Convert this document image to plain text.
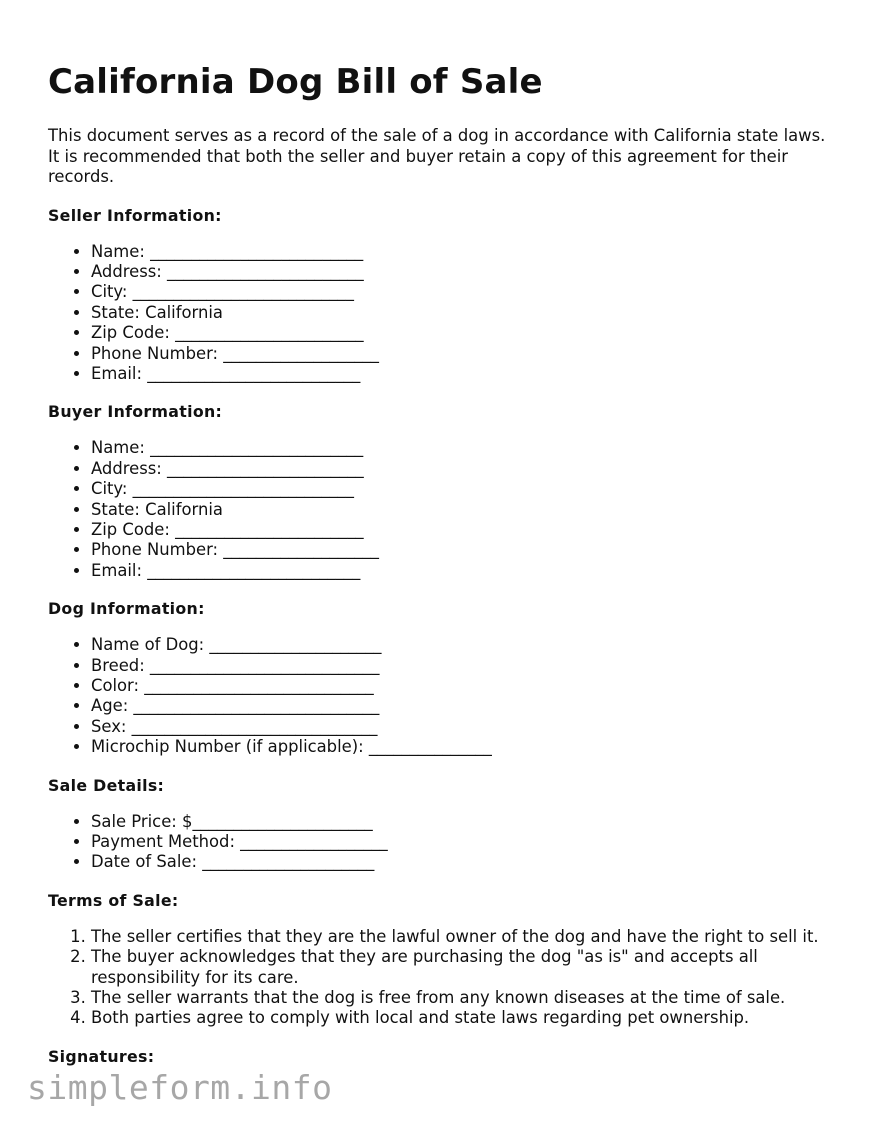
California Dog Bill of Sale

This document serves as a record of the sale of a dog in accordance with California state laws. It is recommended that both the seller and buyer retain a copy of this agreement for their records.

Seller Information:
• Name: __________________________
• Address: ________________________
• City: ___________________________
• State: California
• Zip Code: _______________________
• Phone Number: ___________________
• Email: __________________________
Buyer Information:
• Name: __________________________
• Address: ________________________
• City: ___________________________
• State: California
• Zip Code: _______________________
• Phone Number: ___________________
• Email: __________________________
Dog Information:
• Name of Dog: _____________________
• Breed: ____________________________
• Color: ____________________________
• Age: ______________________________
• Sex: ______________________________
• Microchip Number (if applicable): _______________
Sale Details:
• Sale Price: $______________________
• Payment Method: __________________
• Date of Sale: _____________________
Terms of Sale:
1. The seller certifies that they are the lawful owner of the dog and have the right to sell it.
2. The buyer acknowledges that they are purchasing the dog "as is" and accepts all responsibility for its care.
3. The seller warrants that the dog is free from any known diseases at the time of sale.
4. Both parties agree to comply with local and state laws regarding pet ownership.
Signatures:
simpleform.info
